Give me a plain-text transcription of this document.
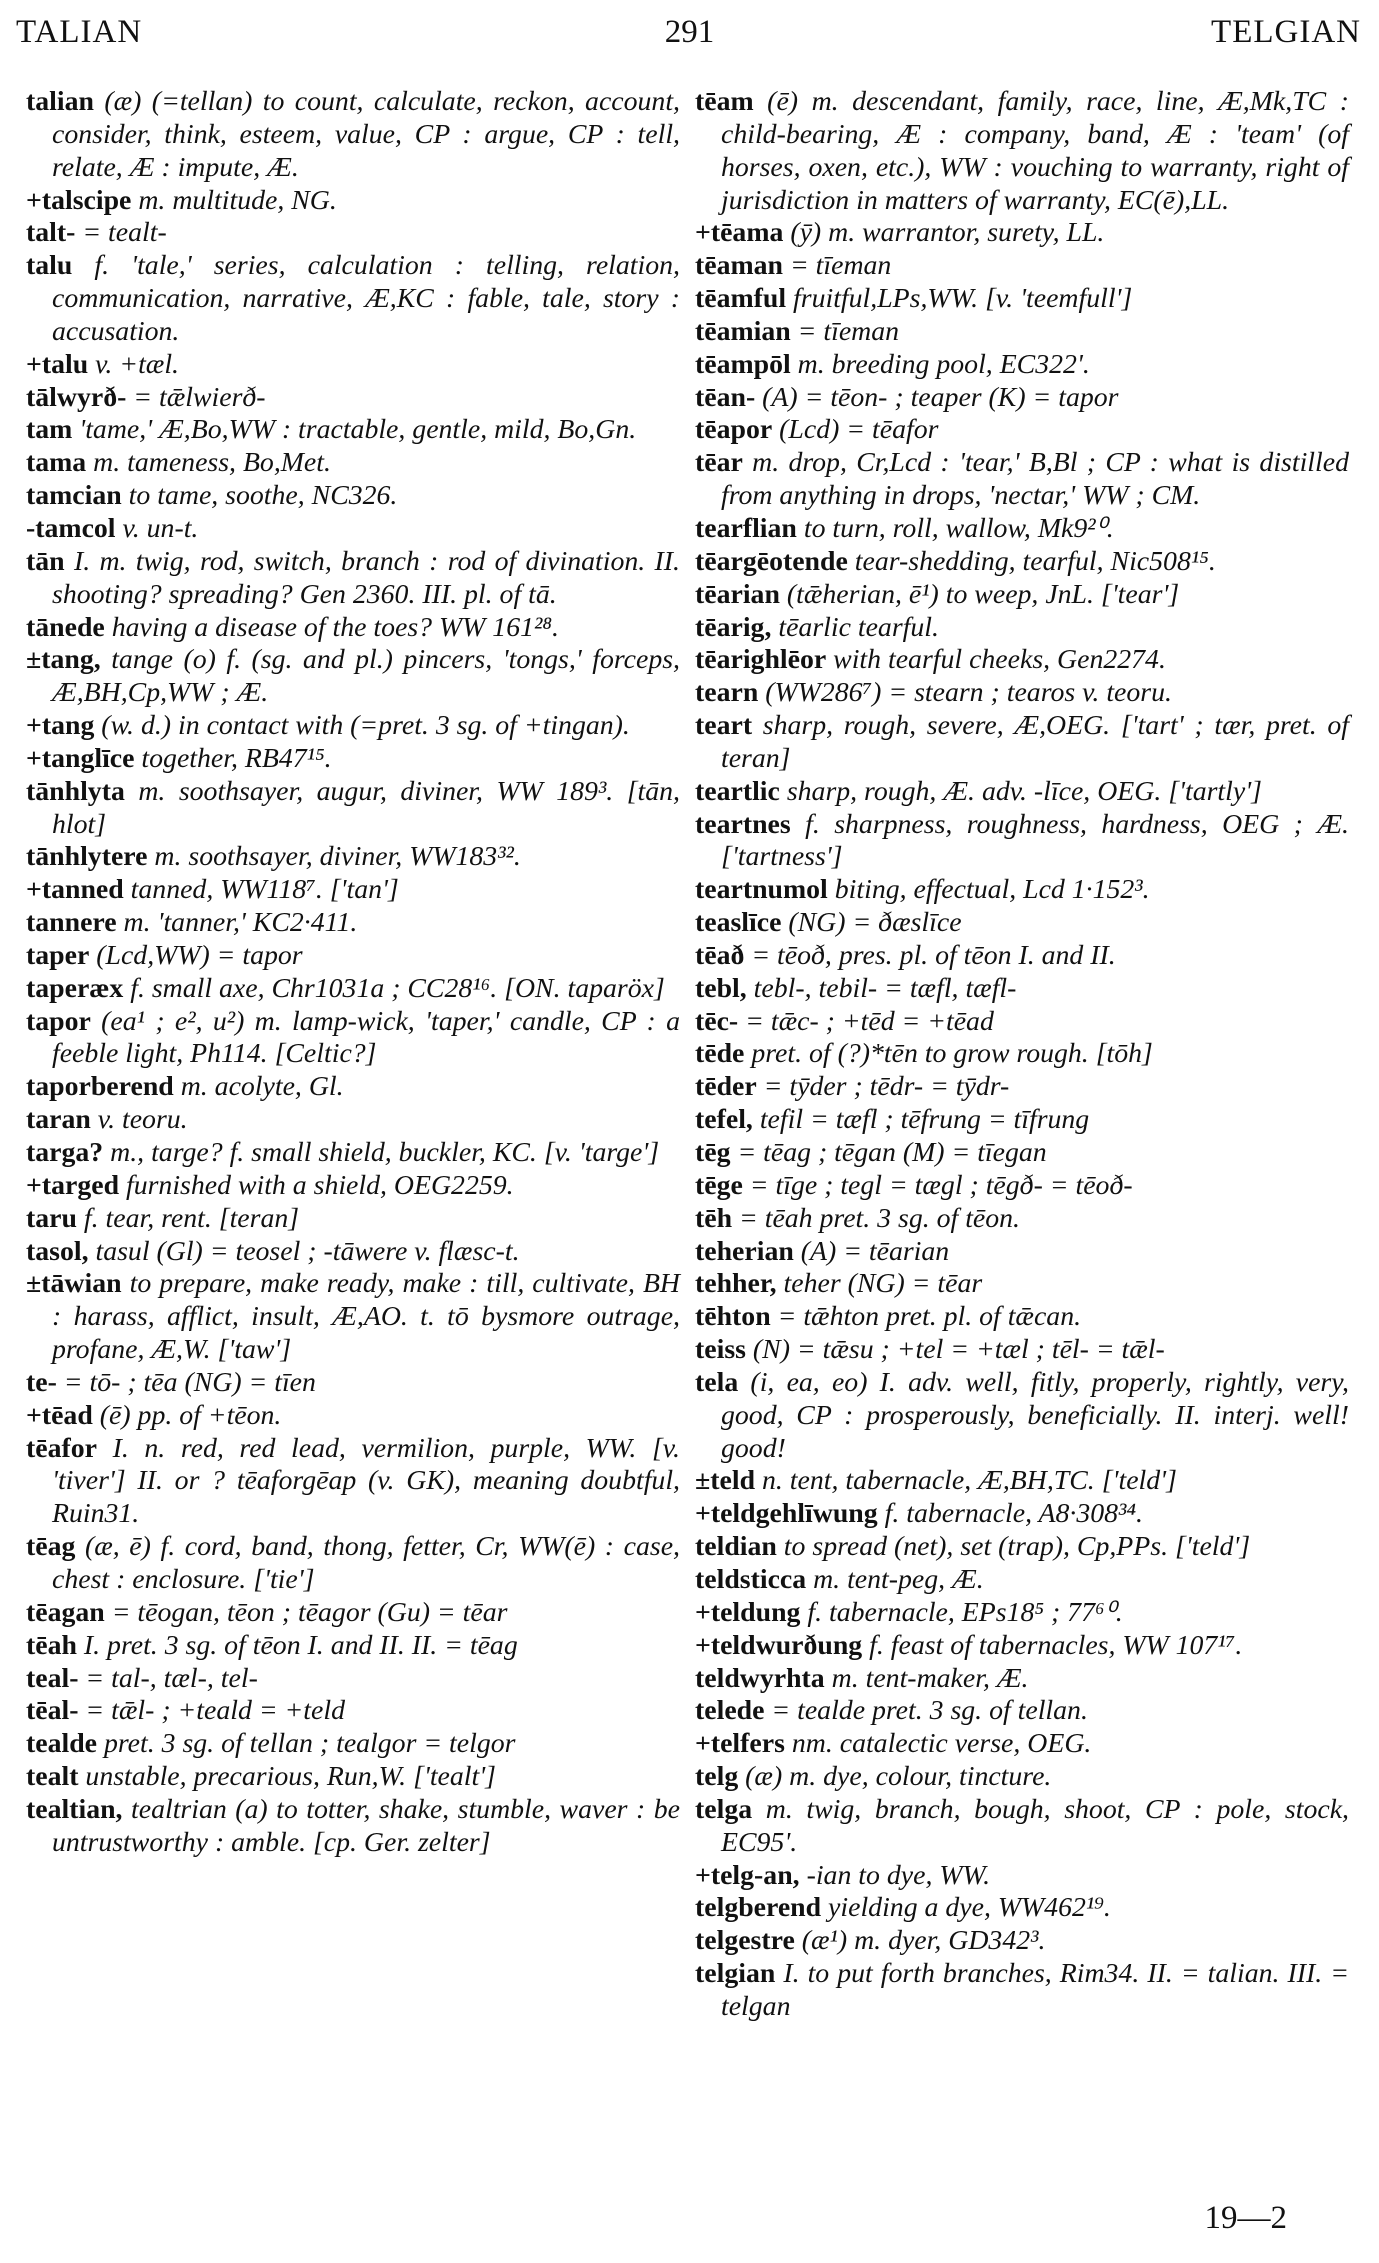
TALIAN	291	TELGIAN

talian (æ) (=tellan) to count, calculate, reckon, account, consider, think, esteem, value, CP : argue, CP : tell, relate, Æ : impute, Æ.

+talscipe m. multitude, NG.

talt- = tealt-

talu f. 'tale,' series, calculation : telling, relation, communication, narrative, Æ,KC : fable, tale, story : accusation.

+talu v. +tæl.

tālwyrð- = tǣlwierð-

tam 'tame,' Æ,Bo,WW : tractable, gentle, mild, Bo,Gn.

tama m. tameness, Bo,Met.

tamcian to tame, soothe, NC326.

-tamcol v. un-t.

tān I. m. twig, rod, switch, branch : rod of divination. II. shooting? spreading? Gen 2360. III. pl. of tā.

tānede having a disease of the toes? WW 161²⁸.

±tang, tange (o) f. (sg. and pl.) pincers, 'tongs,' forceps, Æ,BH,Cp,WW ; Æ.

+tang (w. d.) in contact with (=pret. 3 sg. of +tingan).

+tanglīce together, RB47¹⁵.

tānhlyta m. soothsayer, augur, diviner, WW 189³. [tān, hlot]

tānhlytere m. soothsayer, diviner, WW183³².

+tanned tanned, WW118⁷. ['tan']

tannere m. 'tanner,' KC2·411.

taper (Lcd,WW) = tapor

taperæx f. small axe, Chr1031a ; CC28¹⁶. [ON. taparöx]

tapor (ea¹ ; e², u²) m. lamp-wick, 'taper,' candle, CP : a feeble light, Ph114. [Celtic?]

taporberend m. acolyte, Gl.

taran v. teoru.

targa? m., targe? f. small shield, buckler, KC. [v. 'targe']

+targed furnished with a shield, OEG2259.

taru f. tear, rent. [teran]

tasol, tasul (Gl) = teosel ; -tāwere v. flæsc-t.

±tāwian to prepare, make ready, make : till, cultivate, BH : harass, afflict, insult, Æ,AO. t. tō bysmore outrage, profane, Æ,W. ['taw']

te- = tō- ; tēa (NG) = tīen

+tēad (ē) pp. of +tēon.

tēafor I. n. red, red lead, vermilion, purple, WW. [v. 'tiver'] II. or ? tēaforgēap (v. GK), meaning doubtful, Ruin31.

tēag (æ, ē) f. cord, band, thong, fetter, Cr, WW(ē) : case, chest : enclosure. ['tie']

tēagan = tēogan, tēon ; tēagor (Gu) = tēar

tēah I. pret. 3 sg. of tēon I. and II. II. = tēag

teal- = tal-, tæl-, tel-

tēal- = tǣl- ; +teald = +teld

tealde pret. 3 sg. of tellan ; tealgor = telgor

tealt unstable, precarious, Run,W. ['tealt']

tealtian, tealtrian (a) to totter, shake, stumble, waver : be untrustworthy : amble. [cp. Ger. zelter]

tēam (ē) m. descendant, family, race, line, Æ,Mk,TC : child-bearing, Æ : company, band, Æ : 'team' (of horses, oxen, etc.), WW : vouching to warranty, right of jurisdiction in matters of warranty, EC(ē),LL.

+tēama (ȳ) m. warrantor, surety, LL.

tēaman = tīeman

tēamful fruitful,LPs,WW. [v. 'teemfull']

tēamian = tīeman

tēampōl m. breeding pool, EC322'.

tēan- (A) = tēon- ; teaper (K) = tapor

tēapor (Lcd) = tēafor

tēar m. drop, Cr,Lcd : 'tear,' B,Bl ; CP : what is distilled from anything in drops, 'nectar,' WW ; CM.

tearflian to turn, roll, wallow, Mk9²⁰.

tēargēotende tear-shedding, tearful, Nic508¹⁵.

tēarian (tǣherian, ē¹) to weep, JnL. ['tear']

tēarig, tēarlic tearful.

tēarighlēor with tearful cheeks, Gen2274.

tearn (WW286⁷) = stearn ; tearos v. teoru.

teart sharp, rough, severe, Æ,OEG. ['tart' ; tær, pret. of teran]

teartlic sharp, rough, Æ. adv. -līce, OEG. ['tartly']

teartnes f. sharpness, roughness, hardness, OEG ; Æ. ['tartness']

teartnumol biting, effectual, Lcd 1·152³.

teaslīce (NG) = ðæslīce

tēað = tēoð, pres. pl. of tēon I. and II.

tebl, tebl-, tebil- = tæfl, tæfl-

tēc- = tǣc- ; +tēd = +tēad

tēde pret. of (?)*tēn to grow rough. [tōh]

tēder = tȳder ; tēdr- = tȳdr-

tefel, tefil = tæfl ; tēfrung = tīfrung

tēg = tēag ; tēgan (M) = tīegan

tēge = tīge ; tegl = tægl ; tēgð- = tēoð-

tēh = tēah pret. 3 sg. of tēon.

teherian (A) = tēarian

tehher, teher (NG) = tēar

tēhton = tǣhton pret. pl. of tǣcan.

teiss (N) = tǣsu ; +tel = +tæl ; tēl- = tǣl-

tela (i, ea, eo) I. adv. well, fitly, properly, rightly, very, good, CP : prosperously, beneficially. II. interj. well! good!

±teld n. tent, tabernacle, Æ,BH,TC. ['teld']

+teldgehlīwung f. tabernacle, A8·308³⁴.

teldian to spread (net), set (trap), Cp,PPs. ['teld']

teldsticca m. tent-peg, Æ.

+teldung f. tabernacle, EPs18⁵ ; 77⁶⁰.

+teldwurðung f. feast of tabernacles, WW 107¹⁷.

teldwyrhta m. tent-maker, Æ.

telede = tealde pret. 3 sg. of tellan.

+telfers nm. catalectic verse, OEG.

telg (æ) m. dye, colour, tincture.

telga m. twig, branch, bough, shoot, CP : pole, stock, EC95'.

+telg-an, -ian to dye, WW.

telgberend yielding a dye, WW462¹⁹.

telgestre (æ¹) m. dyer, GD342³.

telgian I. to put forth branches, Rim34. II. = talian. III. = telgan

19—2
